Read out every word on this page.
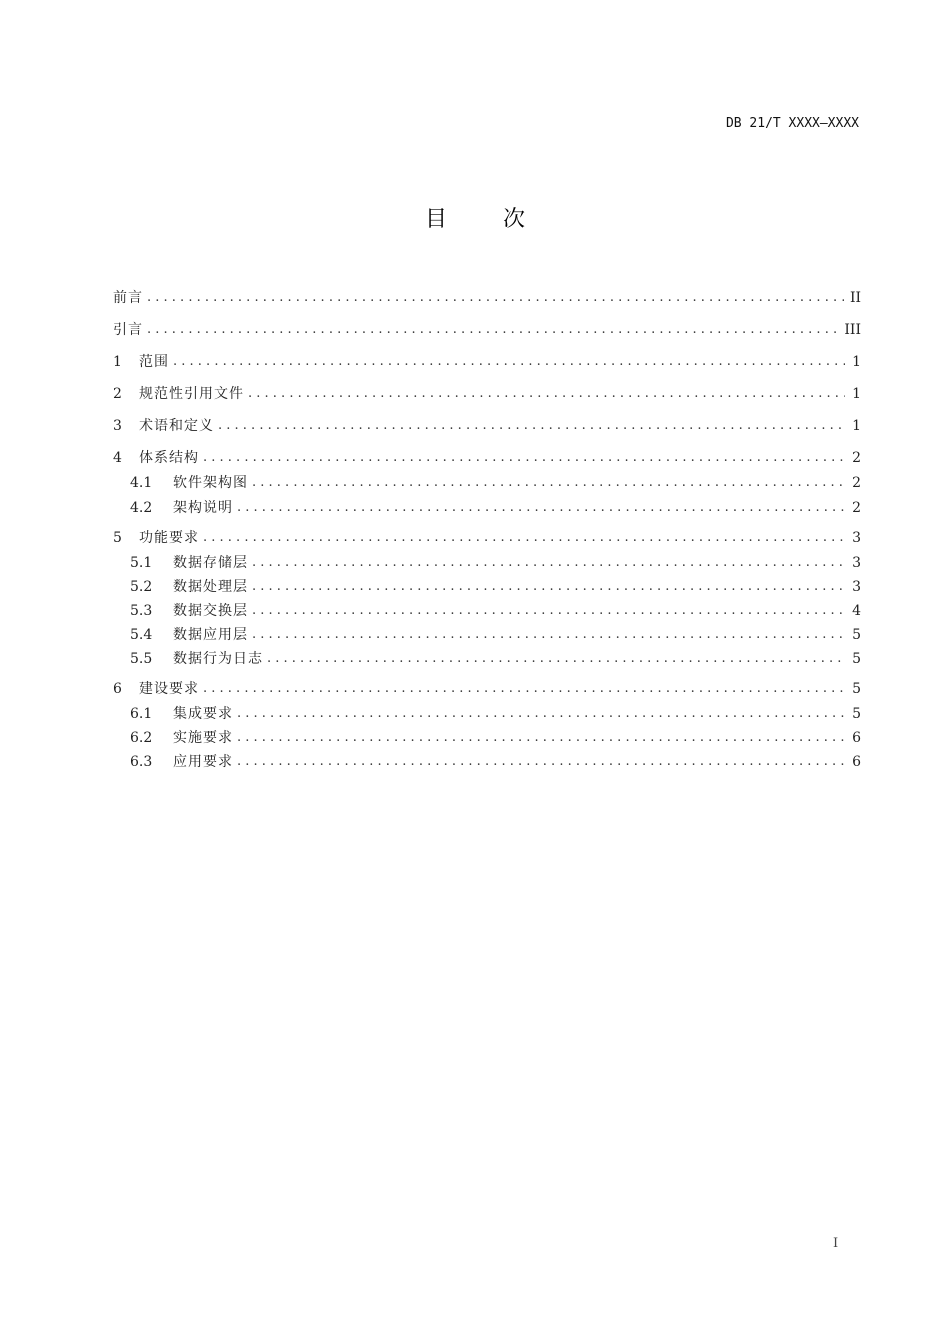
DB 21/T XXXX—XXXX
目	次
前言 . . .	II
引言 . . .	III
1	范围 . . .	1
2	规范性引用文件 . . .	1
3	术语和定义 . . .	1
4	体系结构 . . .	2
4.1	软件架构图 . . .	2
4.2	架构说明 . . .	2
5	功能要求 . . .	3
5.1	数据存储层 . . .	3
5.2	数据处理层 . . .	3
5.3	数据交换层 . . .	4
5.4	数据应用层 . . .	5
5.5	数据行为日志 . . .	5
6	建设要求 . . .	5
6.1	集成要求 . . .	5
6.2	实施要求 . . .	6
6.3	应用要求 . . .	6
I
